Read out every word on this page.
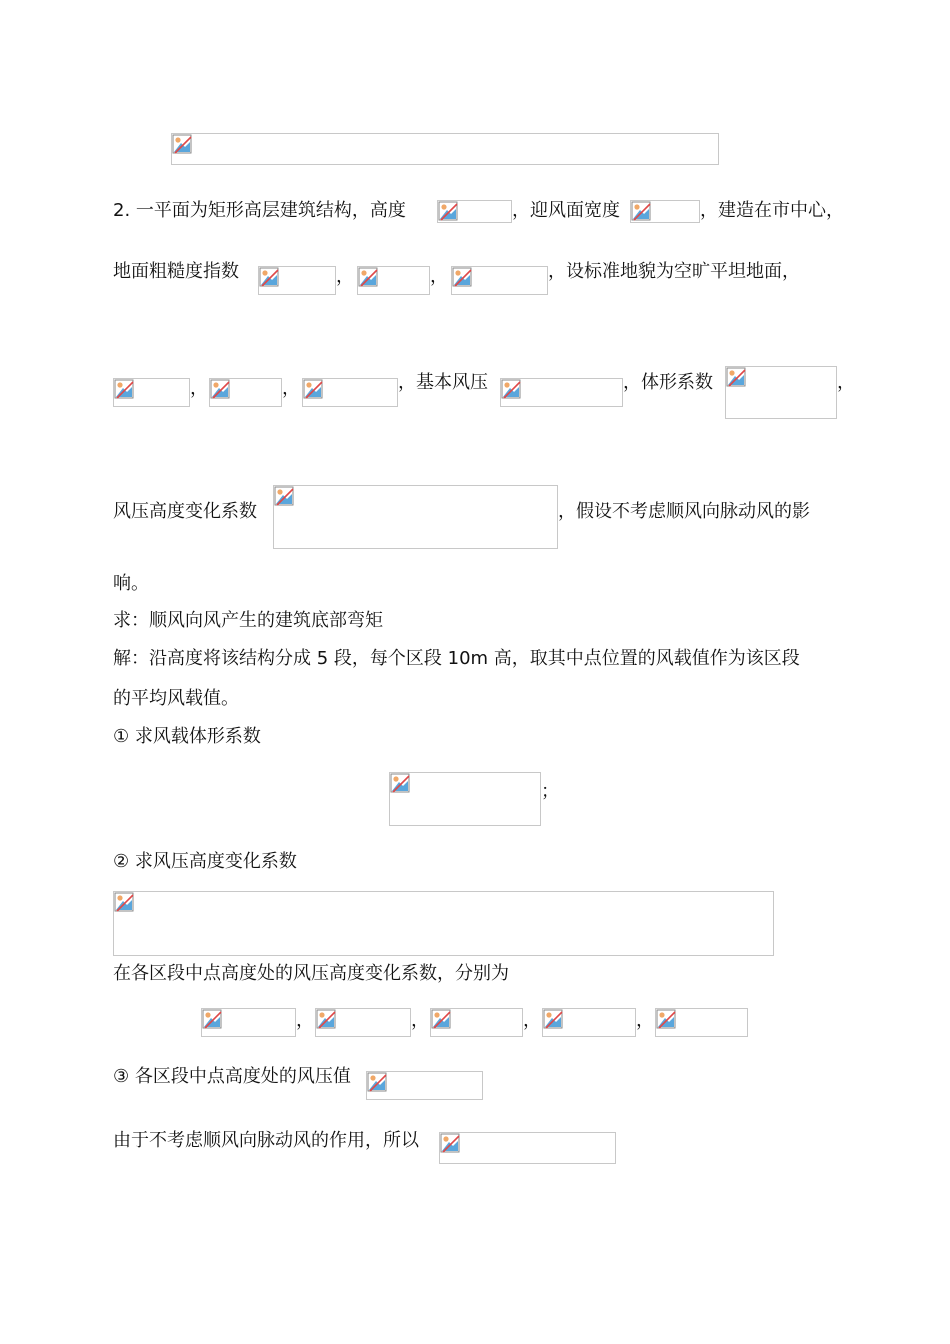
2. 一平面为矩形高层建筑结构，高度	，迎风面宽度	，建造在市中心，
地面粗糙度指数	，	，	，设标准地貌为空旷平坦地面，
，	，	，基本风压	，体形系数	，
风压高度变化系数	，假设不考虑顺风向脉动风的影
响。
求：顺风向风产生的建筑底部弯矩
解：沿高度将该结构分成 5 段，每个区段 10m 高，取其中点位置的风载值作为该区段
的平均风载值。
① 求风载体形系数
；
② 求风压高度变化系数
在各区段中点高度处的风压高度变化系数，分别为
，	，	，	，
③ 各区段中点高度处的风压值
由于不考虑顺风向脉动风的作用，所以
